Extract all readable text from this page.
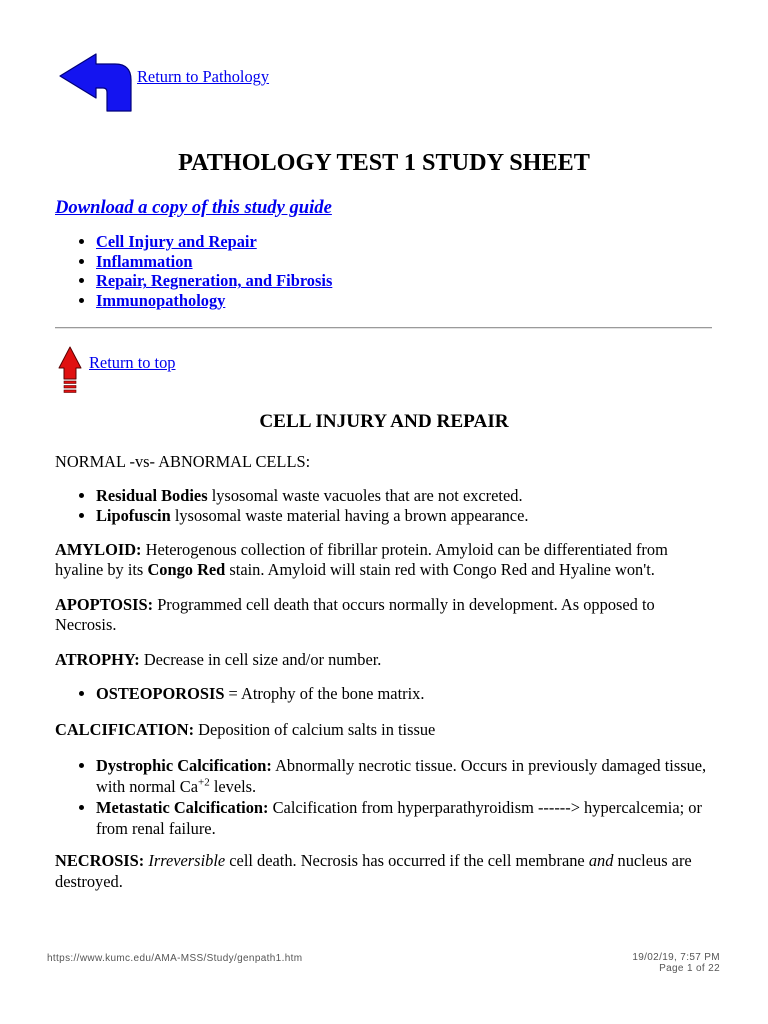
Return to Pathology
PATHOLOGY TEST 1 STUDY SHEET
Download a copy of this study guide
• Cell Injury and Repair
• Inflammation
• Repair, Regneration, and Fibrosis
• Immunopathology
Return to top
CELL INJURY AND REPAIR

NORMAL -vs- ABNORMAL CELLS:

• Residual Bodies lysosomal waste vacuoles that are not excreted.
• Lipofuscin lysosomal waste material having a brown appearance.

AMYLOID: Heterogenous collection of fibrillar protein. Amyloid can be differentiated from
hyaline by its Congo Red stain. Amyloid will stain red with Congo Red and Hyaline won't.

APOPTOSIS: Programmed cell death that occurs normally in development. As opposed to
Necrosis.

ATROPHY: Decrease in cell size and/or number.

• OSTEOPOROSIS = Atrophy of the bone matrix.

CALCIFICATION: Deposition of calcium salts in tissue

• Dystrophic Calcification: Abnormally necrotic tissue. Occurs in previously damaged tissue,
with normal $Ca^{+2}$ levels.
• Metastatic Calcification: Calcification from hyperparathyroidism ------> hypercalcemia; or
from renal failure.

NECROSIS: Irreversible cell death. Necrosis has occurred if the cell membrane and nucleus are
destroyed.

https://www.kumc.edu/AMA-MSS/Study/genpath1.htm	19/02/19, 7:57 PM
Page 1 of 22
